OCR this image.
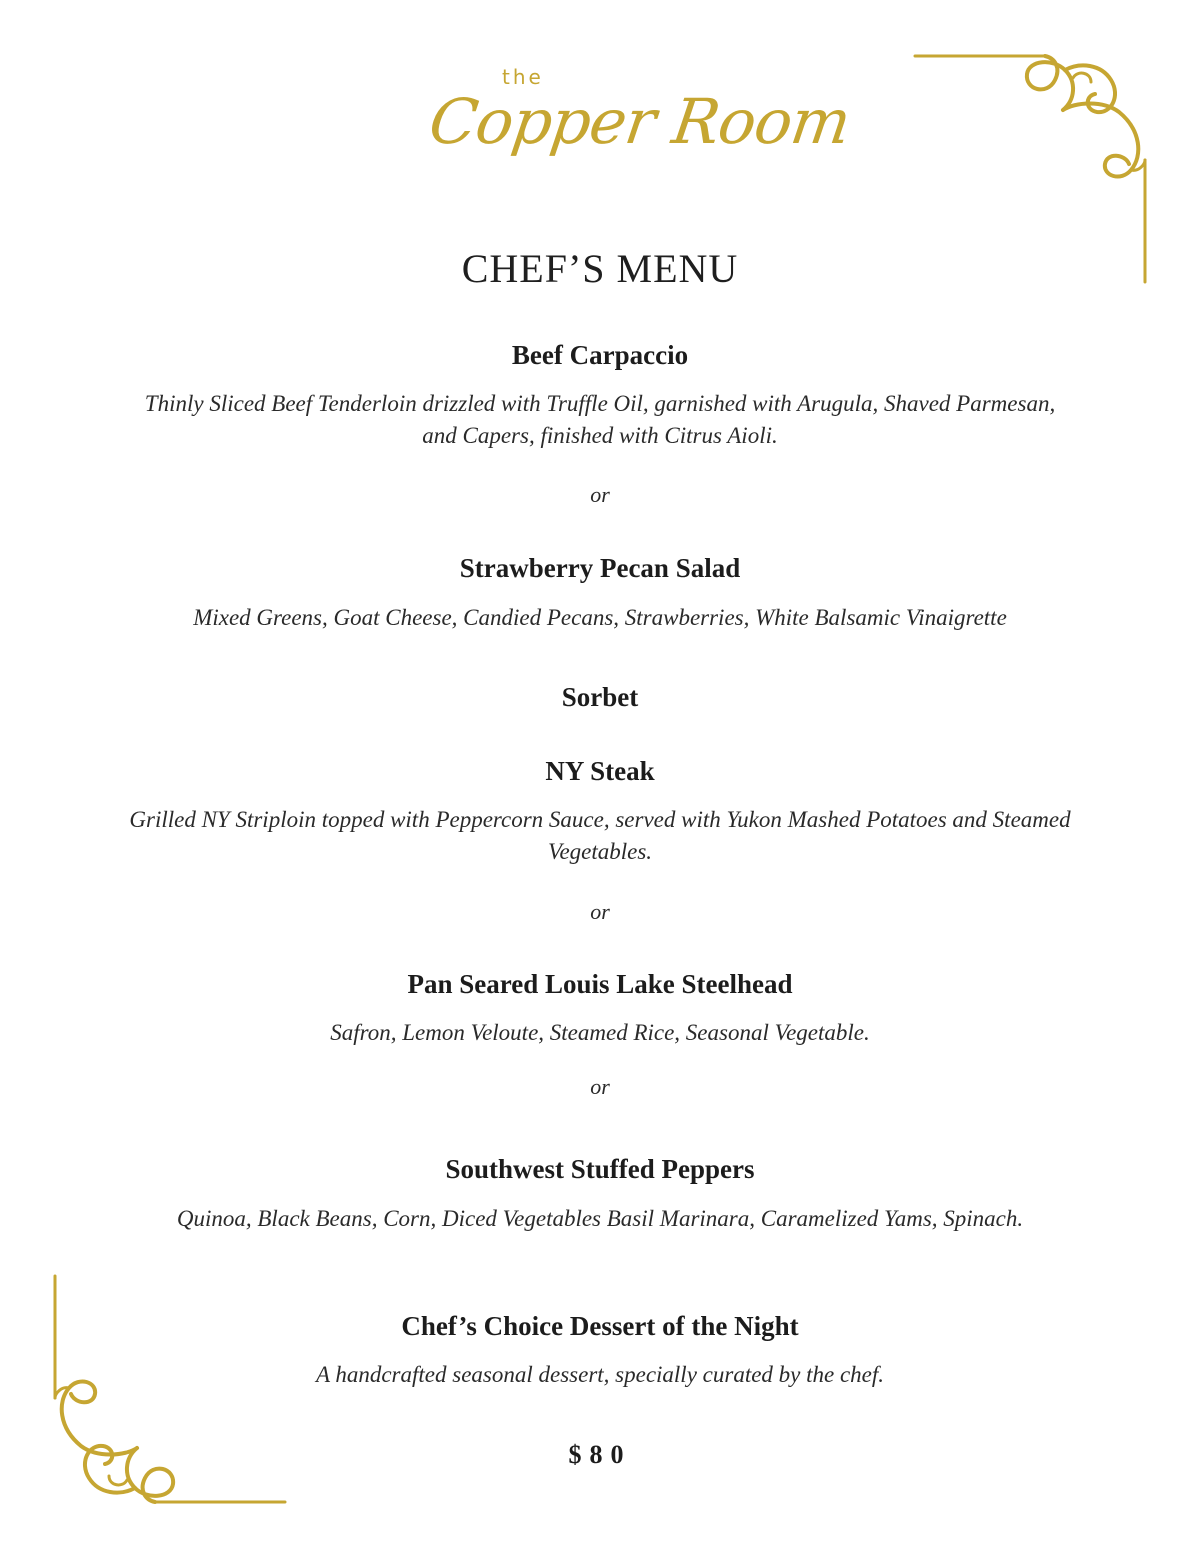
the
Copper Room
CHEF’S MENU
Beef Carpaccio
Thinly Sliced Beef Tenderloin drizzled with Truffle Oil, garnished with Arugula, Shaved Parmesan, and Capers, finished with Citrus Aioli.
or
Strawberry Pecan Salad
Mixed Greens, Goat Cheese, Candied Pecans, Strawberries, White Balsamic Vinaigrette
Sorbet
NY Steak
Grilled NY Striploin topped with Peppercorn Sauce, served with Yukon Mashed Potatoes and Steamed Vegetables.
or
Pan Seared Louis Lake Steelhead
Safron, Lemon Veloute, Steamed Rice, Seasonal Vegetable.
or
Southwest Stuffed Peppers
Quinoa, Black Beans, Corn, Diced Vegetables Basil Marinara, Caramelized Yams, Spinach.
Chef’s Choice Dessert of the Night
A handcrafted seasonal dessert, specially curated by the chef.
$80
